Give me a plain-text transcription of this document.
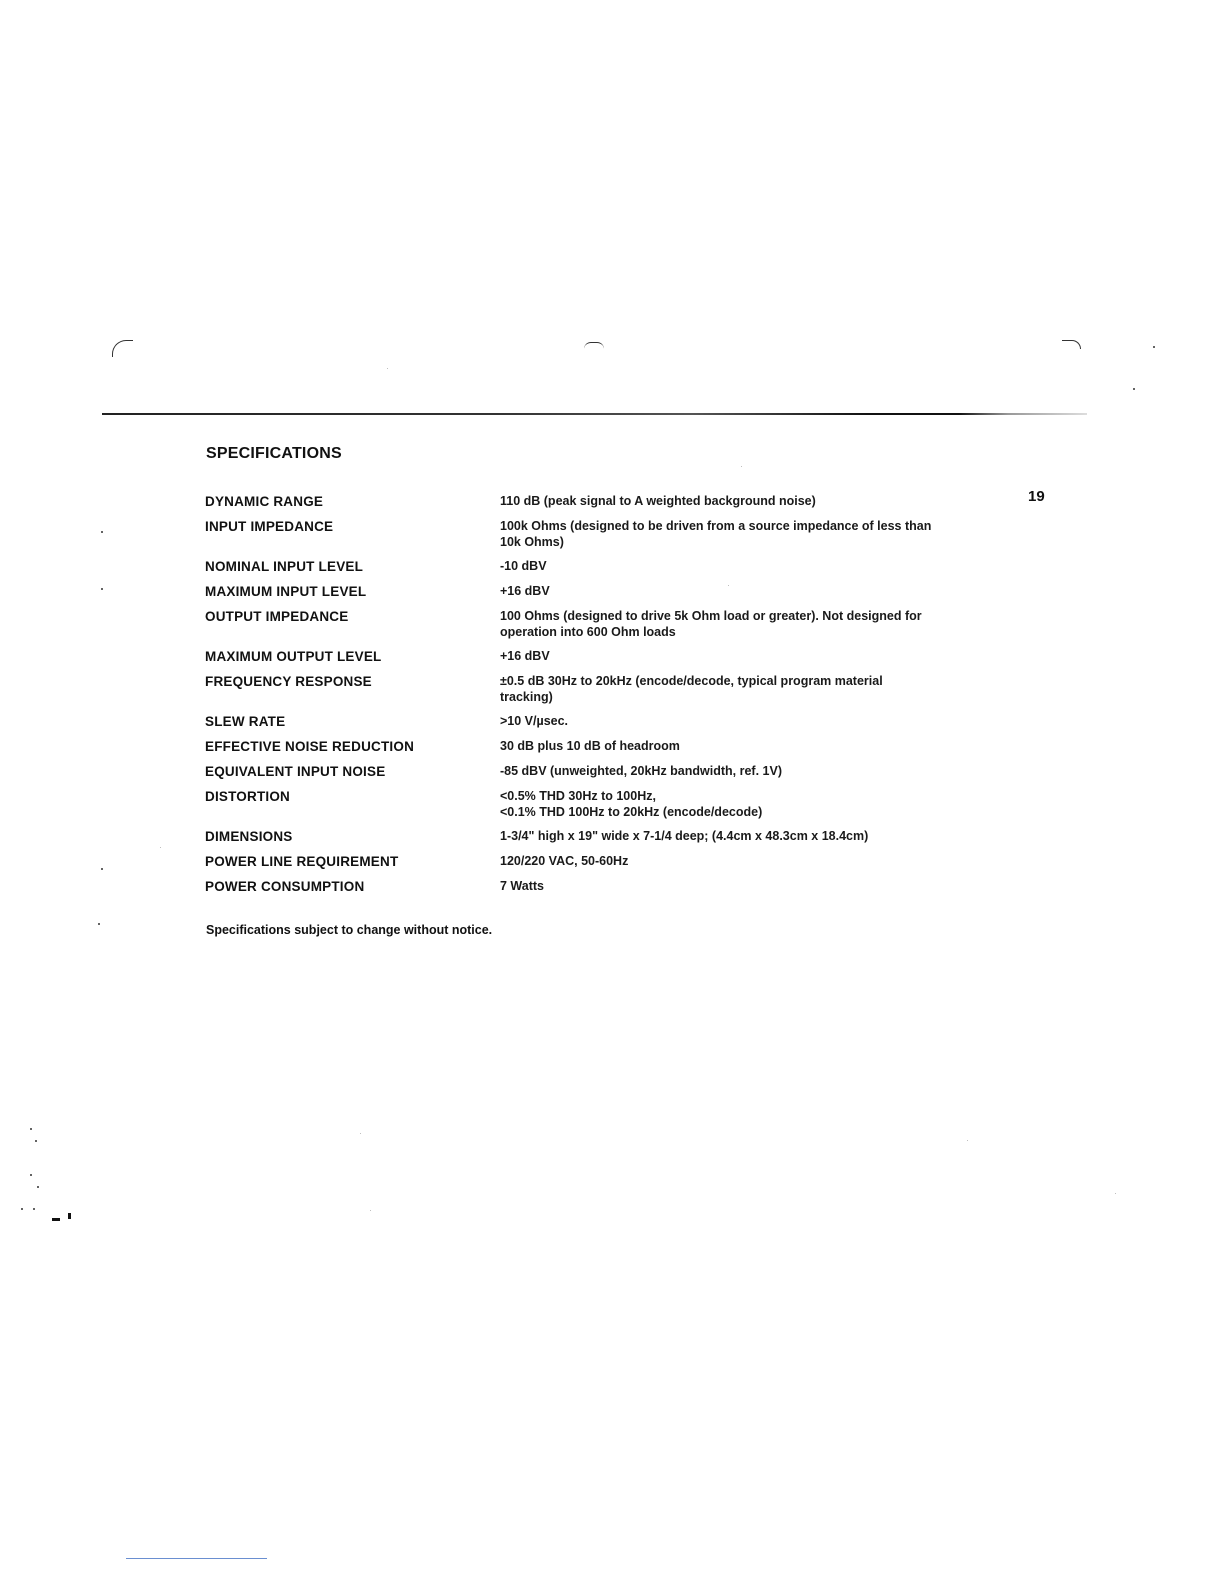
SPECIFICATIONS
19
DYNAMIC RANGE	110 dB (peak signal to A weighted background noise)
INPUT IMPEDANCE	100k Ohms (designed to be driven from a source impedance of less than
10k Ohms)
NOMINAL INPUT LEVEL	-10 dBV
MAXIMUM INPUT LEVEL	+16 dBV
OUTPUT IMPEDANCE	100 Ohms (designed to drive 5k Ohm load or greater). Not designed for
operation into 600 Ohm loads
MAXIMUM OUTPUT LEVEL	+16 dBV
FREQUENCY RESPONSE	±0.5 dB 30Hz to 20kHz (encode/decode, typical program material
tracking)
SLEW RATE	>10 V/µsec.
EFFECTIVE NOISE REDUCTION	30 dB plus 10 dB of headroom
EQUIVALENT INPUT NOISE	-85 dBV (unweighted, 20kHz bandwidth, ref. 1V)
DISTORTION	<0.5% THD 30Hz to 100Hz,
<0.1% THD 100Hz to 20kHz (encode/decode)
DIMENSIONS	1-3/4" high x 19" wide x 7-1/4 deep; (4.4cm x 48.3cm x 18.4cm)
POWER LINE REQUIREMENT	120/220 VAC, 50-60Hz
POWER CONSUMPTION	7 Watts
Specifications subject to change without notice.
